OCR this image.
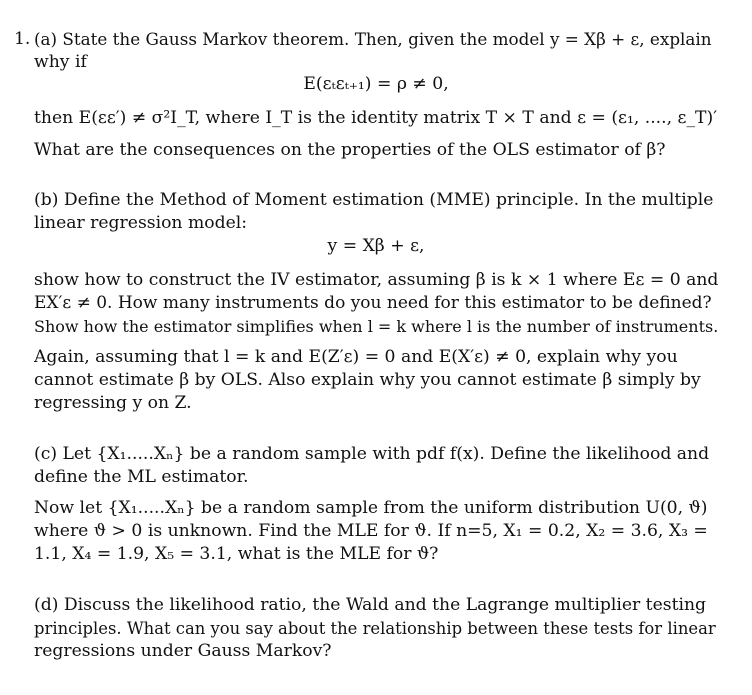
1. (a) State the Gauss Markov theorem. Then, given the model y = Xβ + ε, explain
why if
E(εₜεₜ₊₁) = ρ ≠ 0,
then E(εε′) ≠ σ²I_T, where I_T is the identity matrix T × T and ε = (ε₁, ...., ε_T)′
What are the consequences on the properties of the OLS estimator of β?
(b) Define the Method of Moment estimation (MME) principle. In the multiple
linear regression model:
y = Xβ + ε,
show how to construct the IV estimator, assuming β is k × 1 where Eε = 0 and
EX′ε ≠ 0. How many instruments do you need for this estimator to be defined?
Show how the estimator simplifies when l = k where l is the number of instruments.
Again, assuming that l = k and E(Z′ε) = 0 and E(X′ε) ≠ 0, explain why you
cannot estimate β by OLS. Also explain why you cannot estimate β simply by
regressing y on Z.
(c) Let {X₁.....Xₙ} be a random sample with pdf f(x). Define the likelihood and
define the ML estimator.
Now let {X₁.....Xₙ} be a random sample from the uniform distribution U(0, ϑ)
where ϑ > 0 is unknown. Find the MLE for ϑ. If n=5, X₁ = 0.2, X₂ = 3.6, X₃ =
1.1, X₄ = 1.9, X₅ = 3.1, what is the MLE for ϑ?
(d) Discuss the likelihood ratio, the Wald and the Lagrange multiplier testing
principles. What can you say about the relationship between these tests for linear
regressions under Gauss Markov?
